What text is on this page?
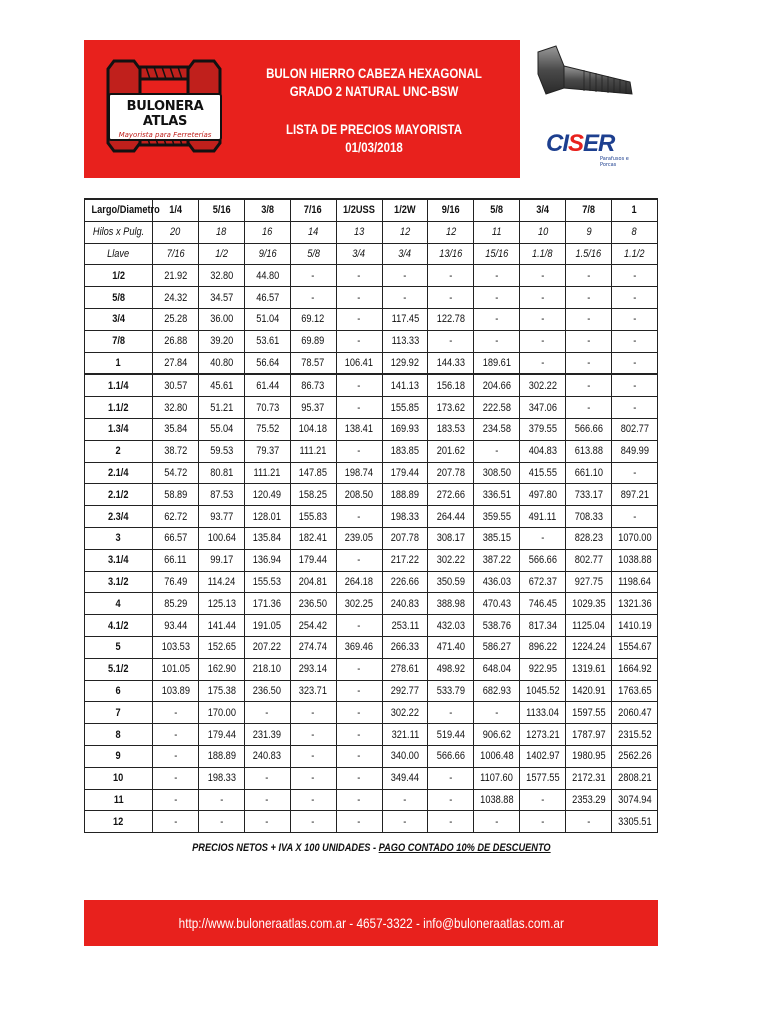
BULONERA ATLAS
Mayorista para Ferreterías
BULON HIERRO CABEZA HEXAGONAL
GRADO 2 NATURAL UNC-BSW
LISTA DE PRECIOS MAYORISTA
01/03/2018	CISER
Parafusos e Porcas
Largo/Diametro	1/4	5/16	3/8	7/16	1/2USS	1/2W	9/16	5/8	3/4	7/8	1
Hilos x Pulg.	20	18	16	14	13	12	12	11	10	9	8
Llave	7/16	1/2	9/16	5/8	3/4	3/4	13/16	15/16	1.1/8	1.5/16	1.1/2
1/2	21.92	32.80	44.80	-	-	-	-	-	-	-	-
5/8	24.32	34.57	46.57	-	-	-	-	-	-	-	-
3/4	25.28	36.00	51.04	69.12	-	117.45	122.78	-	-	-	-
7/8	26.88	39.20	53.61	69.89	-	113.33	-	-	-	-	-
1	27.84	40.80	56.64	78.57	106.41	129.92	144.33	189.61	-	-	-
1.1/4	30.57	45.61	61.44	86.73	-	141.13	156.18	204.66	302.22	-	-
1.1/2	32.80	51.21	70.73	95.37	-	155.85	173.62	222.58	347.06	-	-
1.3/4	35.84	55.04	75.52	104.18	138.41	169.93	183.53	234.58	379.55	566.66	802.77
2	38.72	59.53	79.37	111.21	-	183.85	201.62	-	404.83	613.88	849.99
2.1/4	54.72	80.81	111.21	147.85	198.74	179.44	207.78	308.50	415.55	661.10	-
2.1/2	58.89	87.53	120.49	158.25	208.50	188.89	272.66	336.51	497.80	733.17	897.21
2.3/4	62.72	93.77	128.01	155.83	-	198.33	264.44	359.55	491.11	708.33	-
3	66.57	100.64	135.84	182.41	239.05	207.78	308.17	385.15	-	828.23	1070.00
3.1/4	66.11	99.17	136.94	179.44	-	217.22	302.22	387.22	566.66	802.77	1038.88
3.1/2	76.49	114.24	155.53	204.81	264.18	226.66	350.59	436.03	672.37	927.75	1198.64
4	85.29	125.13	171.36	236.50	302.25	240.83	388.98	470.43	746.45	1029.35	1321.36
4.1/2	93.44	141.44	191.05	254.42	-	253.11	432.03	538.76	817.34	1125.04	1410.19
5	103.53	152.65	207.22	274.74	369.46	266.33	471.40	586.27	896.22	1224.24	1554.67
5.1/2	101.05	162.90	218.10	293.14	-	278.61	498.92	648.04	922.95	1319.61	1664.92
6	103.89	175.38	236.50	323.71	-	292.77	533.79	682.93	1045.52	1420.91	1763.65
7	-	170.00	-	-	-	302.22	-	-	1133.04	1597.55	2060.47
8	-	179.44	231.39	-	-	321.11	519.44	906.62	1273.21	1787.97	2315.52
9	-	188.89	240.83	-	-	340.00	566.66	1006.48	1402.97	1980.95	2562.26
10	-	198.33	-	-	-	349.44	-	1107.60	1577.55	2172.31	2808.21
11	-	-	-	-	-	-	-	1038.88	-	2353.29	3074.94
12	-	-	-	-	-	-	-	-	-	-	3305.51
PRECIOS NETOS + IVA X 100 UNIDADES - PAGO CONTADO 10% DE DESCUENTO
http://www.buloneraatlas.com.ar - 4657-3322 - info@buloneraatlas.com.ar
